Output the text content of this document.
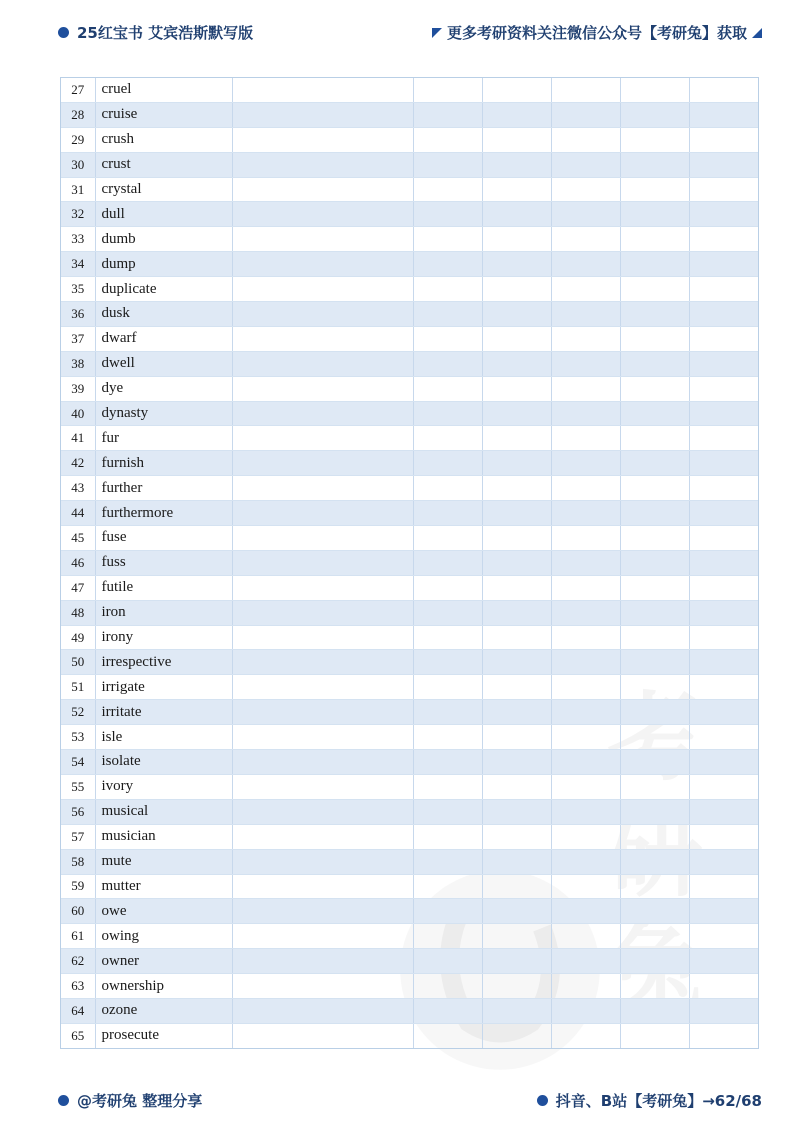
25红宝书 艾宾浩斯默写版	更多考研资料关注微信公众号【考研兔】获取
考
27	cruel						
28	cruise						
29	crush						
30	crust						
31	crystal						
32	dull						
33	dumb						
34	dump						
35	duplicate						
36	dusk						
37	dwarf						
38	dwell						
39	dye						
40	dynasty						
41	fur						
42	furnish						
43	further						
44	furthermore						
45	fuse						
46	fuss						
47	futile						
48	iron						
49	irony						
50	irrespective						
51	irrigate						
52	irritate						
53	isle						
54	isolate						
55	ivory						
56	musical						
57	musician						
58	mute						
59	mutter						
60	owe						
61	owing						
62	owner						
63	ownership						
64	ozone						
65	prosecute						
@考研兔 整理分享	抖音、B站【考研兔】→62/68
